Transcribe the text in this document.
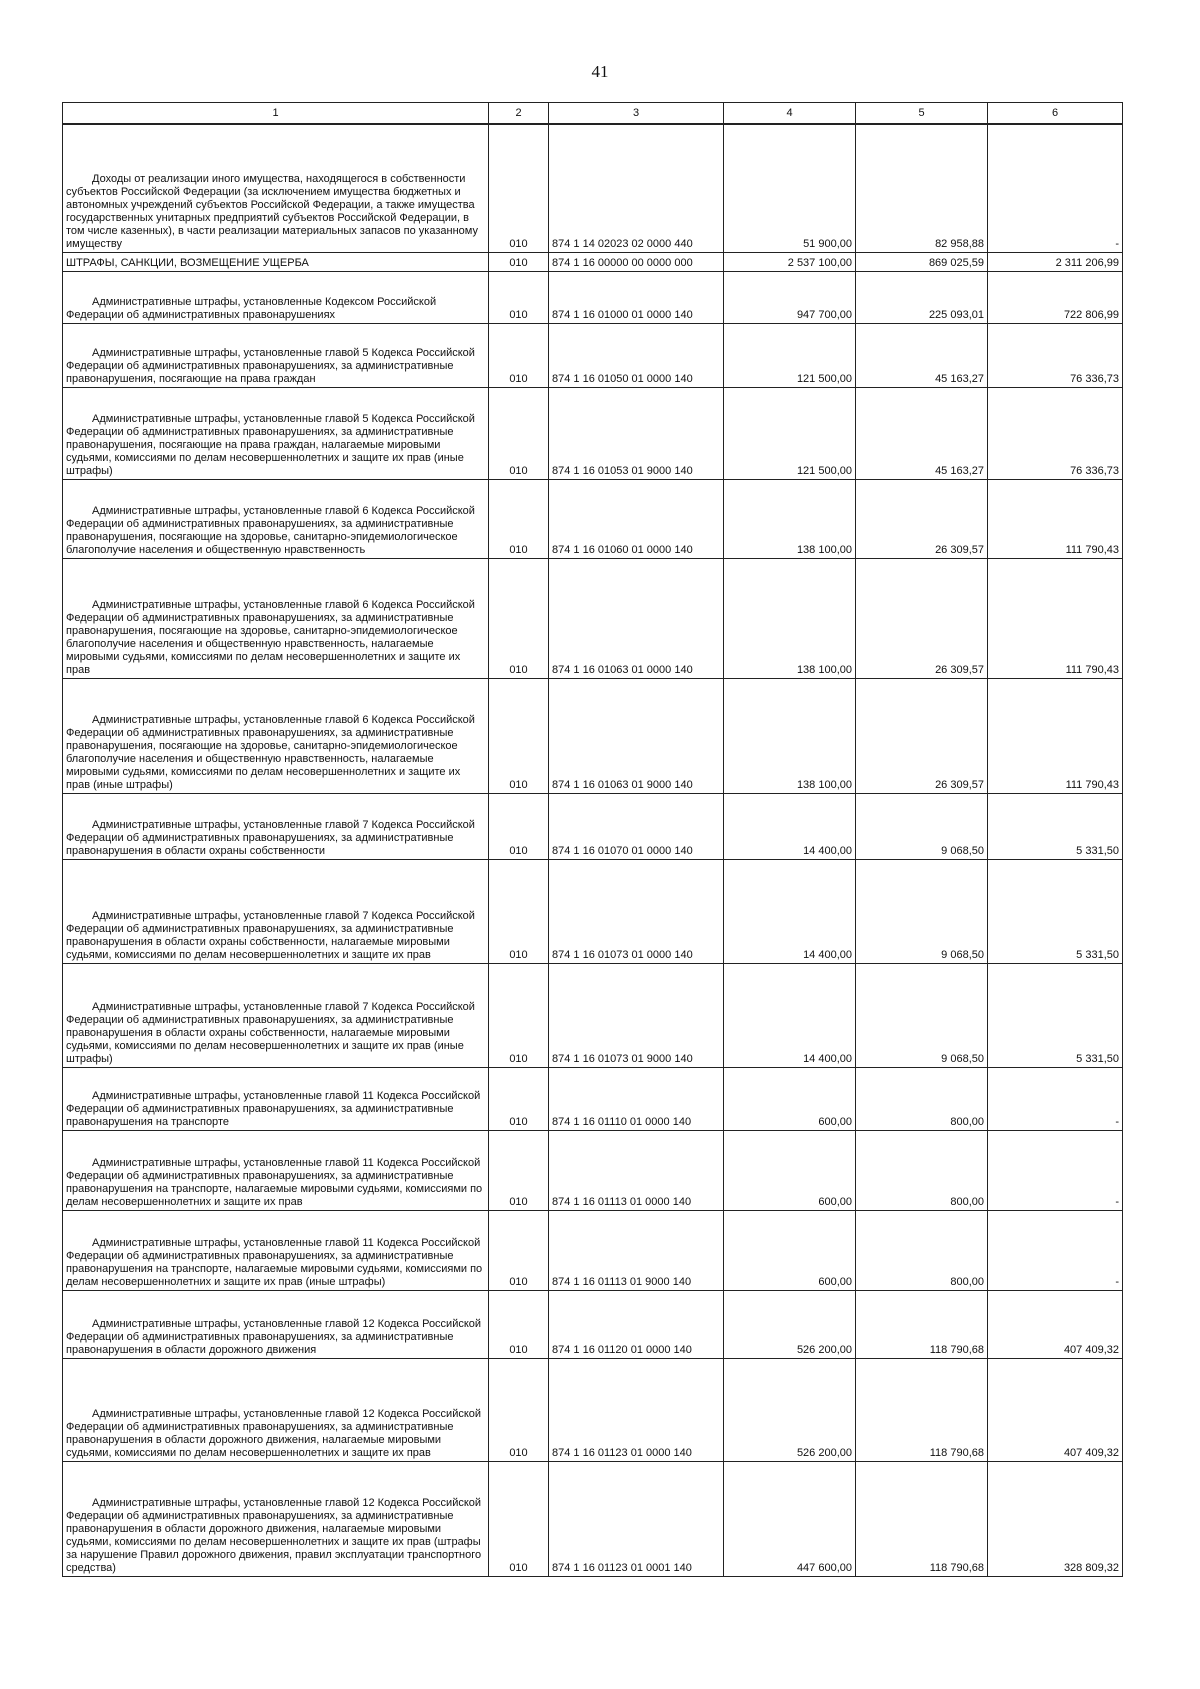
41
1	2	3	4	5	6
Доходы от реализации иного имущества, находящегося в собственности субъектов Российской Федерации (за исключением имущества бюджетных и автономных учреждений субъектов Российской Федерации, а также имущества государственных унитарных предприятий субъектов Российской Федерации, в том числе казенных), в части реализации материальных запасов по указанному имуществу	010	874 1 14 02023 02 0000 440	51 900,00	82 958,88	-
ШТРАФЫ, САНКЦИИ, ВОЗМЕЩЕНИЕ УЩЕРБА	010	874 1 16 00000 00 0000 000	2 537 100,00	869 025,59	2 311 206,99
Административные штрафы, установленные Кодексом Российской Федерации об административных правонарушениях	010	874 1 16 01000 01 0000 140	947 700,00	225 093,01	722 806,99
Административные штрафы, установленные главой 5 Кодекса Российской Федерации об административных правонарушениях, за административные правонарушения, посягающие на права граждан	010	874 1 16 01050 01 0000 140	121 500,00	45 163,27	76 336,73
Административные штрафы, установленные главой 5 Кодекса Российской Федерации об административных правонарушениях, за административные правонарушения, посягающие на права граждан, налагаемые мировыми судьями, комиссиями по делам несовершеннолетних и защите их прав (иные штрафы)	010	874 1 16 01053 01 9000 140	121 500,00	45 163,27	76 336,73
Административные штрафы, установленные главой 6 Кодекса Российской Федерации об административных правонарушениях, за административные правонарушения, посягающие на здоровье, санитарно-эпидемиологическое благополучие населения и общественную нравственность	010	874 1 16 01060 01 0000 140	138 100,00	26 309,57	111 790,43
Административные штрафы, установленные главой 6 Кодекса Российской Федерации об административных правонарушениях, за административные правонарушения, посягающие на здоровье, санитарно-эпидемиологическое благополучие населения и общественную нравственность, налагаемые мировыми судьями, комиссиями по делам несовершеннолетних и защите их прав	010	874 1 16 01063 01 0000 140	138 100,00	26 309,57	111 790,43
Административные штрафы, установленные главой 6 Кодекса Российской Федерации об административных правонарушениях, за административные правонарушения, посягающие на здоровье, санитарно-эпидемиологическое благополучие населения и общественную нравственность, налагаемые мировыми судьями, комиссиями по делам несовершеннолетних и защите их прав (иные штрафы)	010	874 1 16 01063 01 9000 140	138 100,00	26 309,57	111 790,43
Административные штрафы, установленные главой 7 Кодекса Российской Федерации об административных правонарушениях, за административные правонарушения в области охраны собственности	010	874 1 16 01070 01 0000 140	14 400,00	9 068,50	5 331,50
Административные штрафы, установленные главой 7 Кодекса Российской Федерации об административных правонарушениях, за административные правонарушения в области охраны собственности, налагаемые мировыми судьями, комиссиями по делам несовершеннолетних и защите их прав	010	874 1 16 01073 01 0000 140	14 400,00	9 068,50	5 331,50
Административные штрафы, установленные главой 7 Кодекса Российской Федерации об административных правонарушениях, за административные правонарушения в области охраны собственности, налагаемые мировыми судьями, комиссиями по делам несовершеннолетних и защите их прав (иные штрафы)	010	874 1 16 01073 01 9000 140	14 400,00	9 068,50	5 331,50
Административные штрафы, установленные главой 11 Кодекса Российской Федерации об административных правонарушениях, за административные правонарушения на транспорте	010	874 1 16 01110 01 0000 140	600,00	800,00	-
Административные штрафы, установленные главой 11 Кодекса Российской Федерации об административных правонарушениях, за административные правонарушения на транспорте, налагаемые мировыми судьями, комиссиями по делам несовершеннолетних и защите их прав	010	874 1 16 01113 01 0000 140	600,00	800,00	-
Административные штрафы, установленные главой 11 Кодекса Российской Федерации об административных правонарушениях, за административные правонарушения на транспорте, налагаемые мировыми судьями, комиссиями по делам несовершеннолетних и защите их прав (иные штрафы)	010	874 1 16 01113 01 9000 140	600,00	800,00	-
Административные штрафы, установленные главой 12 Кодекса Российской Федерации об административных правонарушениях, за административные правонарушения в области дорожного движения	010	874 1 16 01120 01 0000 140	526 200,00	118 790,68	407 409,32
Административные штрафы, установленные главой 12 Кодекса Российской Федерации об административных правонарушениях, за административные правонарушения в области дорожного движения, налагаемые мировыми судьями, комиссиями по делам несовершеннолетних и защите их прав	010	874 1 16 01123 01 0000 140	526 200,00	118 790,68	407 409,32
Административные штрафы, установленные главой 12 Кодекса Российской Федерации об административных правонарушениях, за административные правонарушения в области дорожного движения, налагаемые мировыми судьями, комиссиями по делам несовершеннолетних и защите их прав (штрафы за нарушение Правил дорожного движения, правил эксплуатации транспортного средства)	010	874 1 16 01123 01 0001 140	447 600,00	118 790,68	328 809,32
